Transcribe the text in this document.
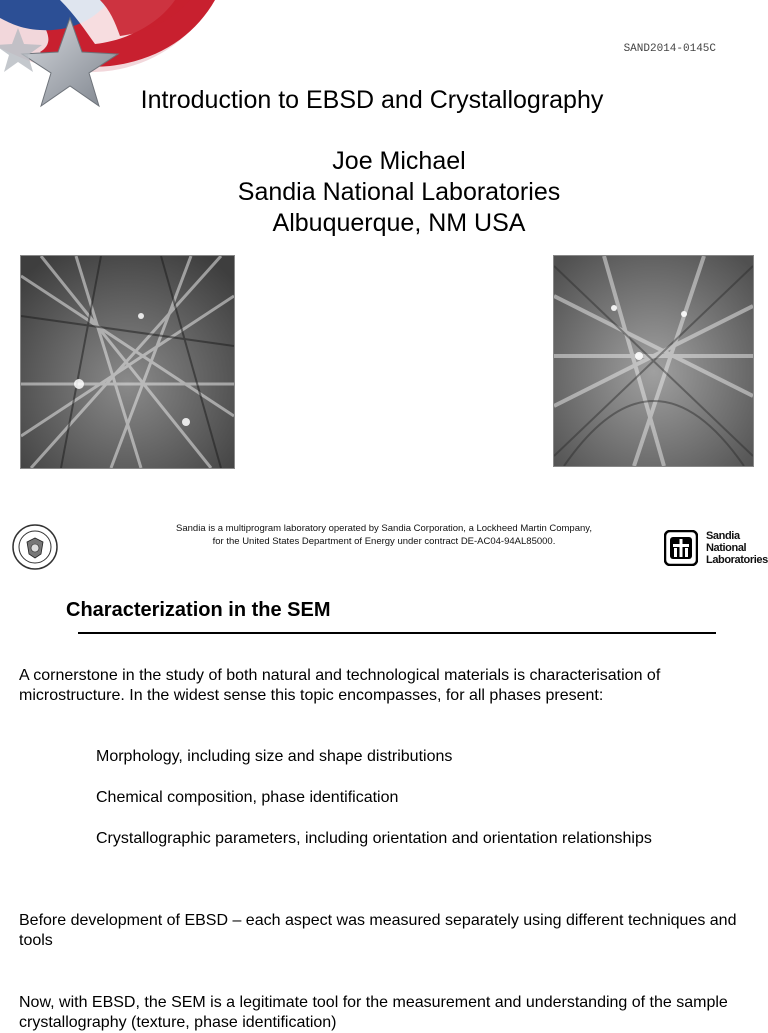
SAND2014-0145C
Introduction to EBSD and Crystallography
Joe Michael
Sandia National Laboratories
Albuquerque, NM USA
Sandia is a multiprogram laboratory operated by Sandia Corporation, a Lockheed Martin Company,
for the United States Department of Energy under contract DE-AC04-94AL85000.	Sandia
National
Laboratories
Characterization in the SEM
A cornerstone in the study of both natural and technological materials is characterisation of microstructure. In the widest sense this topic encompasses, for all phases present:
Morphology, including size and shape distributions
Chemical composition, phase identification
Crystallographic parameters, including orientation and orientation relationships
Before development of EBSD – each aspect was measured separately using different techniques and tools
Now, with EBSD, the SEM is a legitimate tool for the measurement and understanding of the sample crystallography (texture, phase identification)
